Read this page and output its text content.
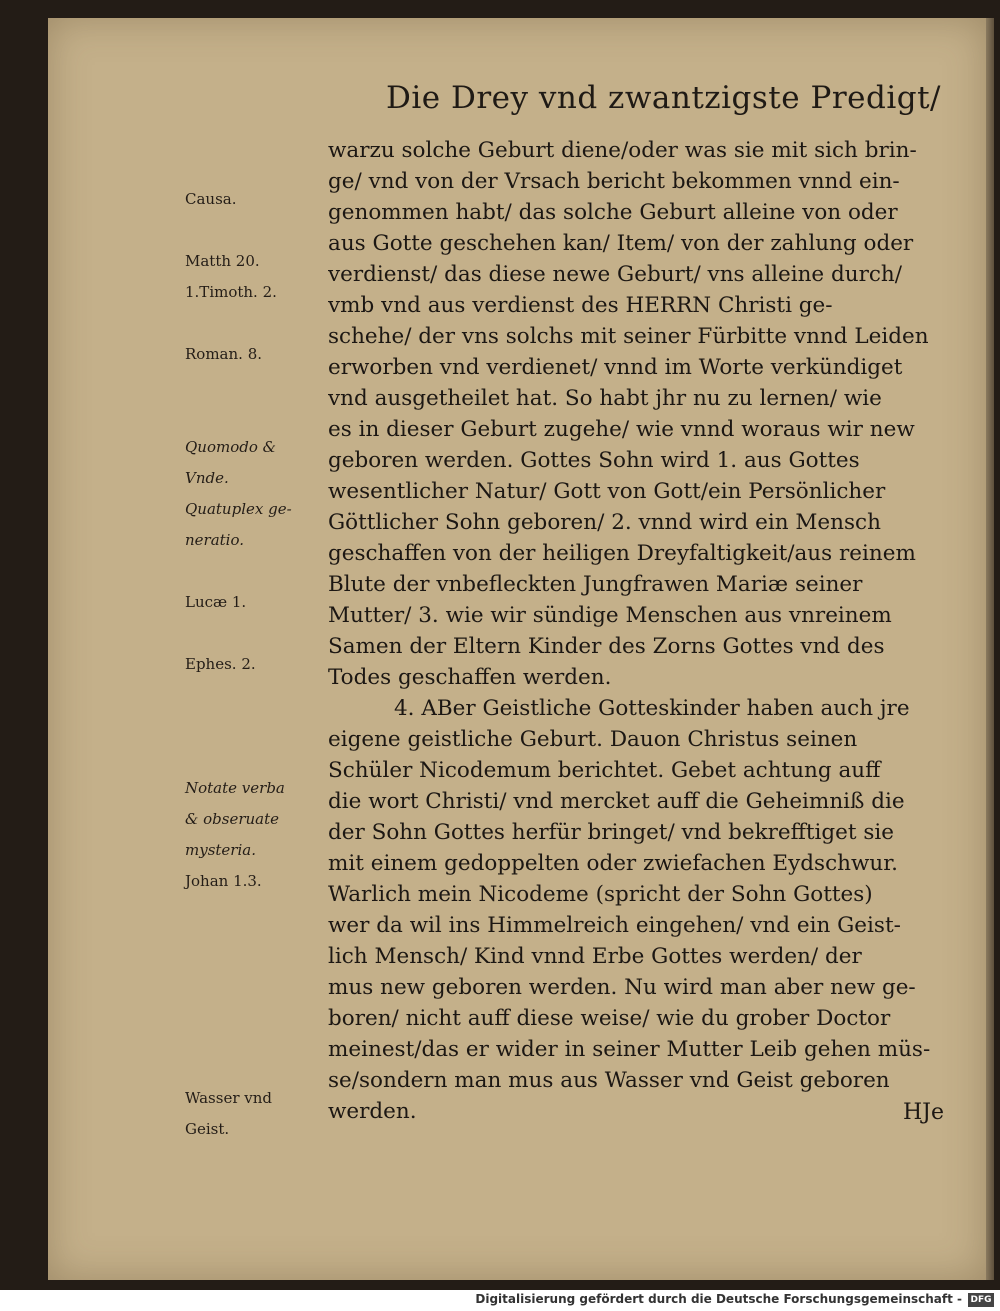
Die Drey vnd zwantzigste Predigt/
warzu solche Geburt diene/oder was sie mit sich brin-
ge/ vnd von der Vrsach bericht bekommen vnnd ein-
genommen habt/ das solche Geburt alleine von oder
aus Gotte geschehen kan/ Item/ von der zahlung oder
verdienst/ das diese newe Geburt/ vns alleine durch/
vmb vnd aus verdienst des HERRN Christi ge-
schehe/ der vns solchs mit seiner Fürbitte vnnd Leiden
erworben vnd verdienet/ vnnd im Worte verkündiget
vnd ausgetheilet hat. So habt jhr nu zu lernen/ wie
es in dieser Geburt zugehe/ wie vnnd woraus wir new
geboren werden. Gottes Sohn wird 1. aus Gottes
wesentlicher Natur/ Gott von Gott/ein Persönlicher
Göttlicher Sohn geboren/ 2. vnnd wird ein Mensch
geschaffen von der heiligen Dreyfaltigkeit/aus reinem
Blute der vnbefleckten Jungfrawen Mariæ seiner
Mutter/ 3. wie wir sündige Menschen aus vnreinem
Samen der Eltern Kinder des Zorns Gottes vnd des
Todes geschaffen werden.
4. ABer Geistliche Gotteskinder haben auch jre
eigene geistliche Geburt. Dauon Christus seinen
Schüler Nicodemum berichtet. Gebet achtung auff
die wort Christi/ vnd mercket auff die Geheimniß die
der Sohn Gottes herfür bringet/ vnd bekrefftiget sie
mit einem gedoppelten oder zwiefachen Eydschwur.
Warlich mein Nicodeme (spricht der Sohn Gottes)
wer da wil ins Himmelreich eingehen/ vnd ein Geist-
lich Mensch/ Kind vnnd Erbe Gottes werden/ der
mus new geboren werden. Nu wird man aber new ge-
boren/ nicht auff diese weise/ wie du grober Doctor
meinest/das er wider in seiner Mutter Leib gehen müs-
se/sondern man mus aus Wasser vnd Geist geboren
werden.
Causa.
Matth 20.
1.Timoth. 2.
Roman. 8.
Quomodo &
Vnde.
Quatuplex ge-
neratio.
Lucæ 1.
Ephes. 2.
Notate verba
& obseruate
mysteria.
Johan 1.3.
Wasser vnd
Geist.
HJe
Digitalisierung gefördert durch die Deutsche Forschungsgemeinschaft - DFG
